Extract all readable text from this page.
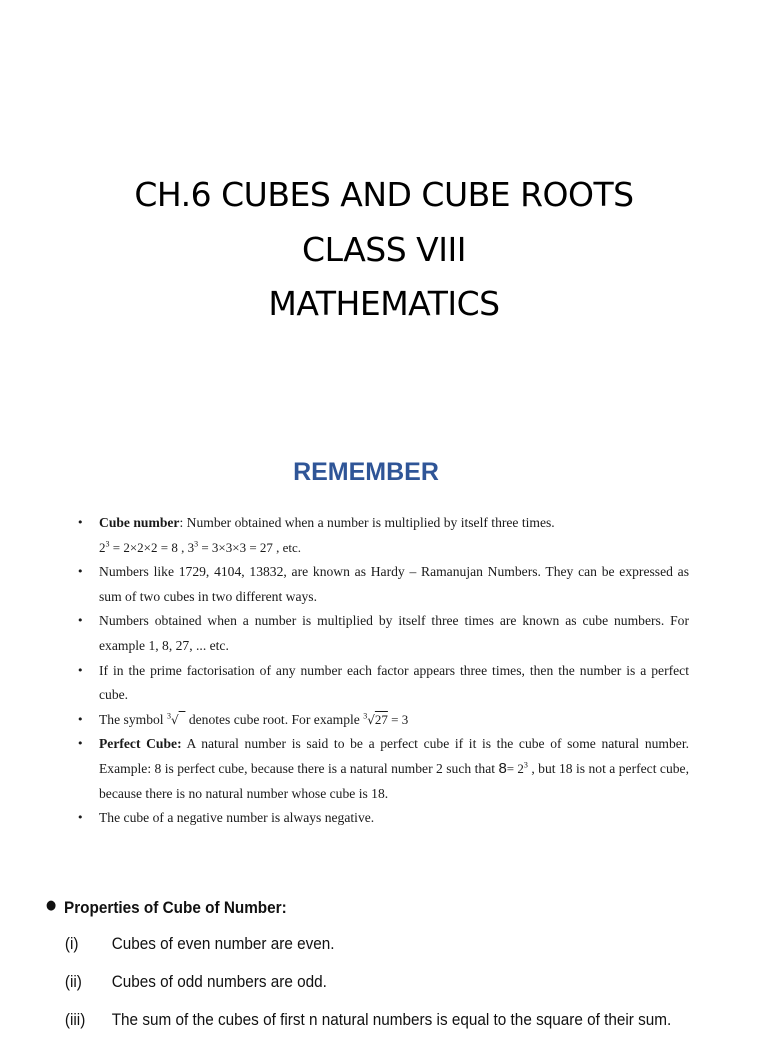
CH.6 CUBES AND CUBE ROOTS
CLASS VIII
MATHEMATICS
REMEMBER
• Cube number: Number obtained when a number is multiplied by itself three times.
$2^3 = 2\times 2\times 2 = 8$ , $3^3 = 3\times 3\times 3 = 27$ , etc.
• Numbers like 1729, 4104, 13832, are known as Hardy – Ramanujan Numbers. They can be expressed as sum of two cubes in two different ways.
• Numbers obtained when a number is multiplied by itself three times are known as cube numbers. For example 1, 8, 27, ... etc.
• If in the prime factorisation of any number each factor appears three times, then the number is a perfect cube.
• The symbol $^3$√   denotes cube root. For example $^3$√27 = 3
• Perfect Cube: A natural number is said to be a perfect cube if it is the cube of some natural number. Example: 8 is perfect cube, because there is a natural number 2 such that $8= 2^3$ , but 18 is not a perfect cube, because there is no natural number whose cube is 18.
• The cube of a negative number is always negative.
● Properties of Cube of Number:
(i) Cubes of even number are even.
(ii) Cubes of odd numbers are odd.
(iii) The sum of the cubes of first n natural numbers is equal to the square of their sum.
